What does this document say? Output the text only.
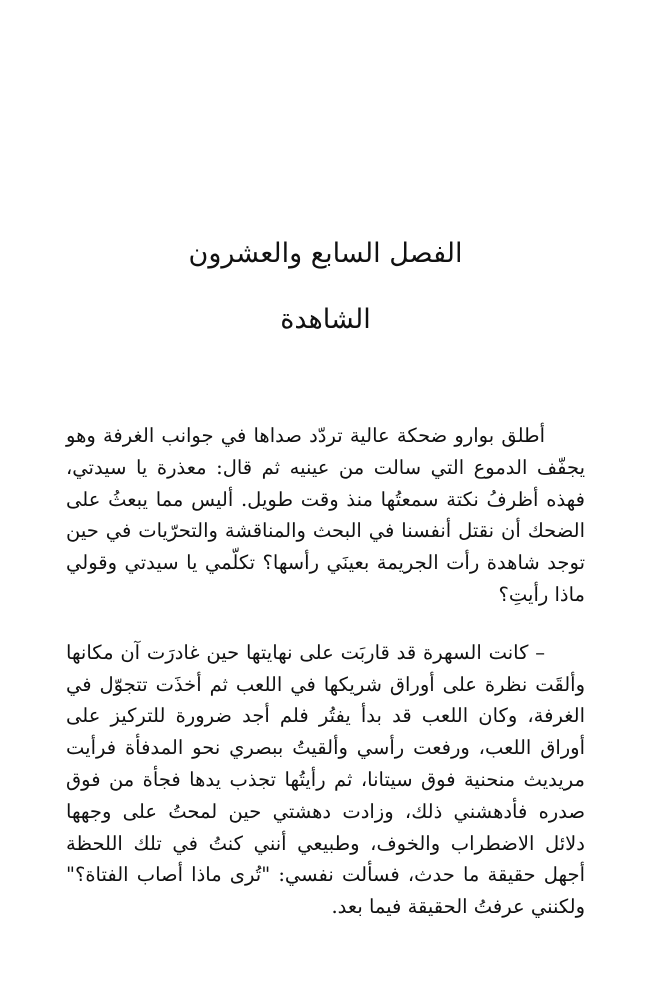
الفصل السابع والعشرون
الشاهدة

أطلق بوارو ضحكة عالية تردّد صداها في جوانب الغرفة وهو يجفّف الدموع التي سالت من عينيه ثم قال: معذرة يا سيدتي، فهذه أظرفُ نكتة سمعتُها منذ وقت طويل. أليس مما يبعثُ على الضحك أن نقتل أنفسنا في البحث والمناقشة والتحرّيات في حين توجد شاهدة رأت الجريمة بعينَي رأسها؟ تكلّمي يا سيدتي وقولي ماذا رأيتِ؟

– كانت السهرة قد قاربَت على نهايتها حين غادرَت آن مكانها وألقَت نظرة على أوراق شريكها في اللعب ثم أخذَت تتجوّل في الغرفة، وكان اللعب قد بدأ يفتُر فلم أجد ضرورة للتركيز على أوراق اللعب، ورفعت رأسي وألقيتُ ببصري نحو المدفأة فرأيت مريديث منحنية فوق سيتانا، ثم رأيتُها تجذب يدها فجأة من فوق صدره فأدهشني ذلك، وزادت دهشتي حين لمحتُ على وجهها دلائل الاضطراب والخوف، وطبيعي أنني كنتُ في تلك اللحظة أجهل حقيقة ما حدث، فسألت نفسي: "تُرى ماذا أصاب الفتاة؟" ولكنني عرفتُ الحقيقة فيما بعد.
